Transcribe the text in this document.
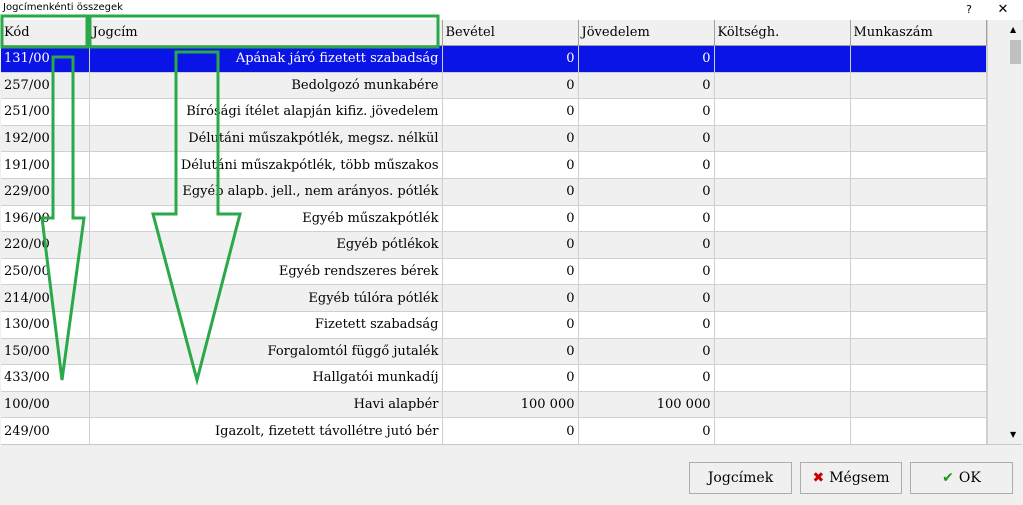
Jogcímenkénti összegek	?	✕
Kód	Jogcím	Bevétel	Jövedelem	Költségh.	Munkaszám
131/00	Apának járó fizetett szabadság	0	0		
257/00	Bedolgozó munkabére	0	0		
251/00	Bírósági ítélet alapján kifiz. jövedelem	0	0		
192/00	Délutáni műszakpótlék, megsz. nélkül	0	0		
191/00	Délutáni műszakpótlék, több műszakos	0	0		
229/00	Egyéb alapb. jell., nem arányos. pótlék	0	0		
196/00	Egyéb műszakpótlék	0	0		
220/00	Egyéb pótlékok	0	0		
250/00	Egyéb rendszeres bérek	0	0		
214/00	Egyéb túlóra pótlék	0	0		
130/00	Fizetett szabadság	0	0		
150/00	Forgalomtól függő jutalék	0	0		
433/00	Hallgatói munkadíj	0	0		
100/00	Havi alapbér	100 000	100 000		
249/00	Igazolt, fizetett távollétre jutó bér	0	0		
▲
▼
Jogcímek	✖ Mégsem	✔ OK
